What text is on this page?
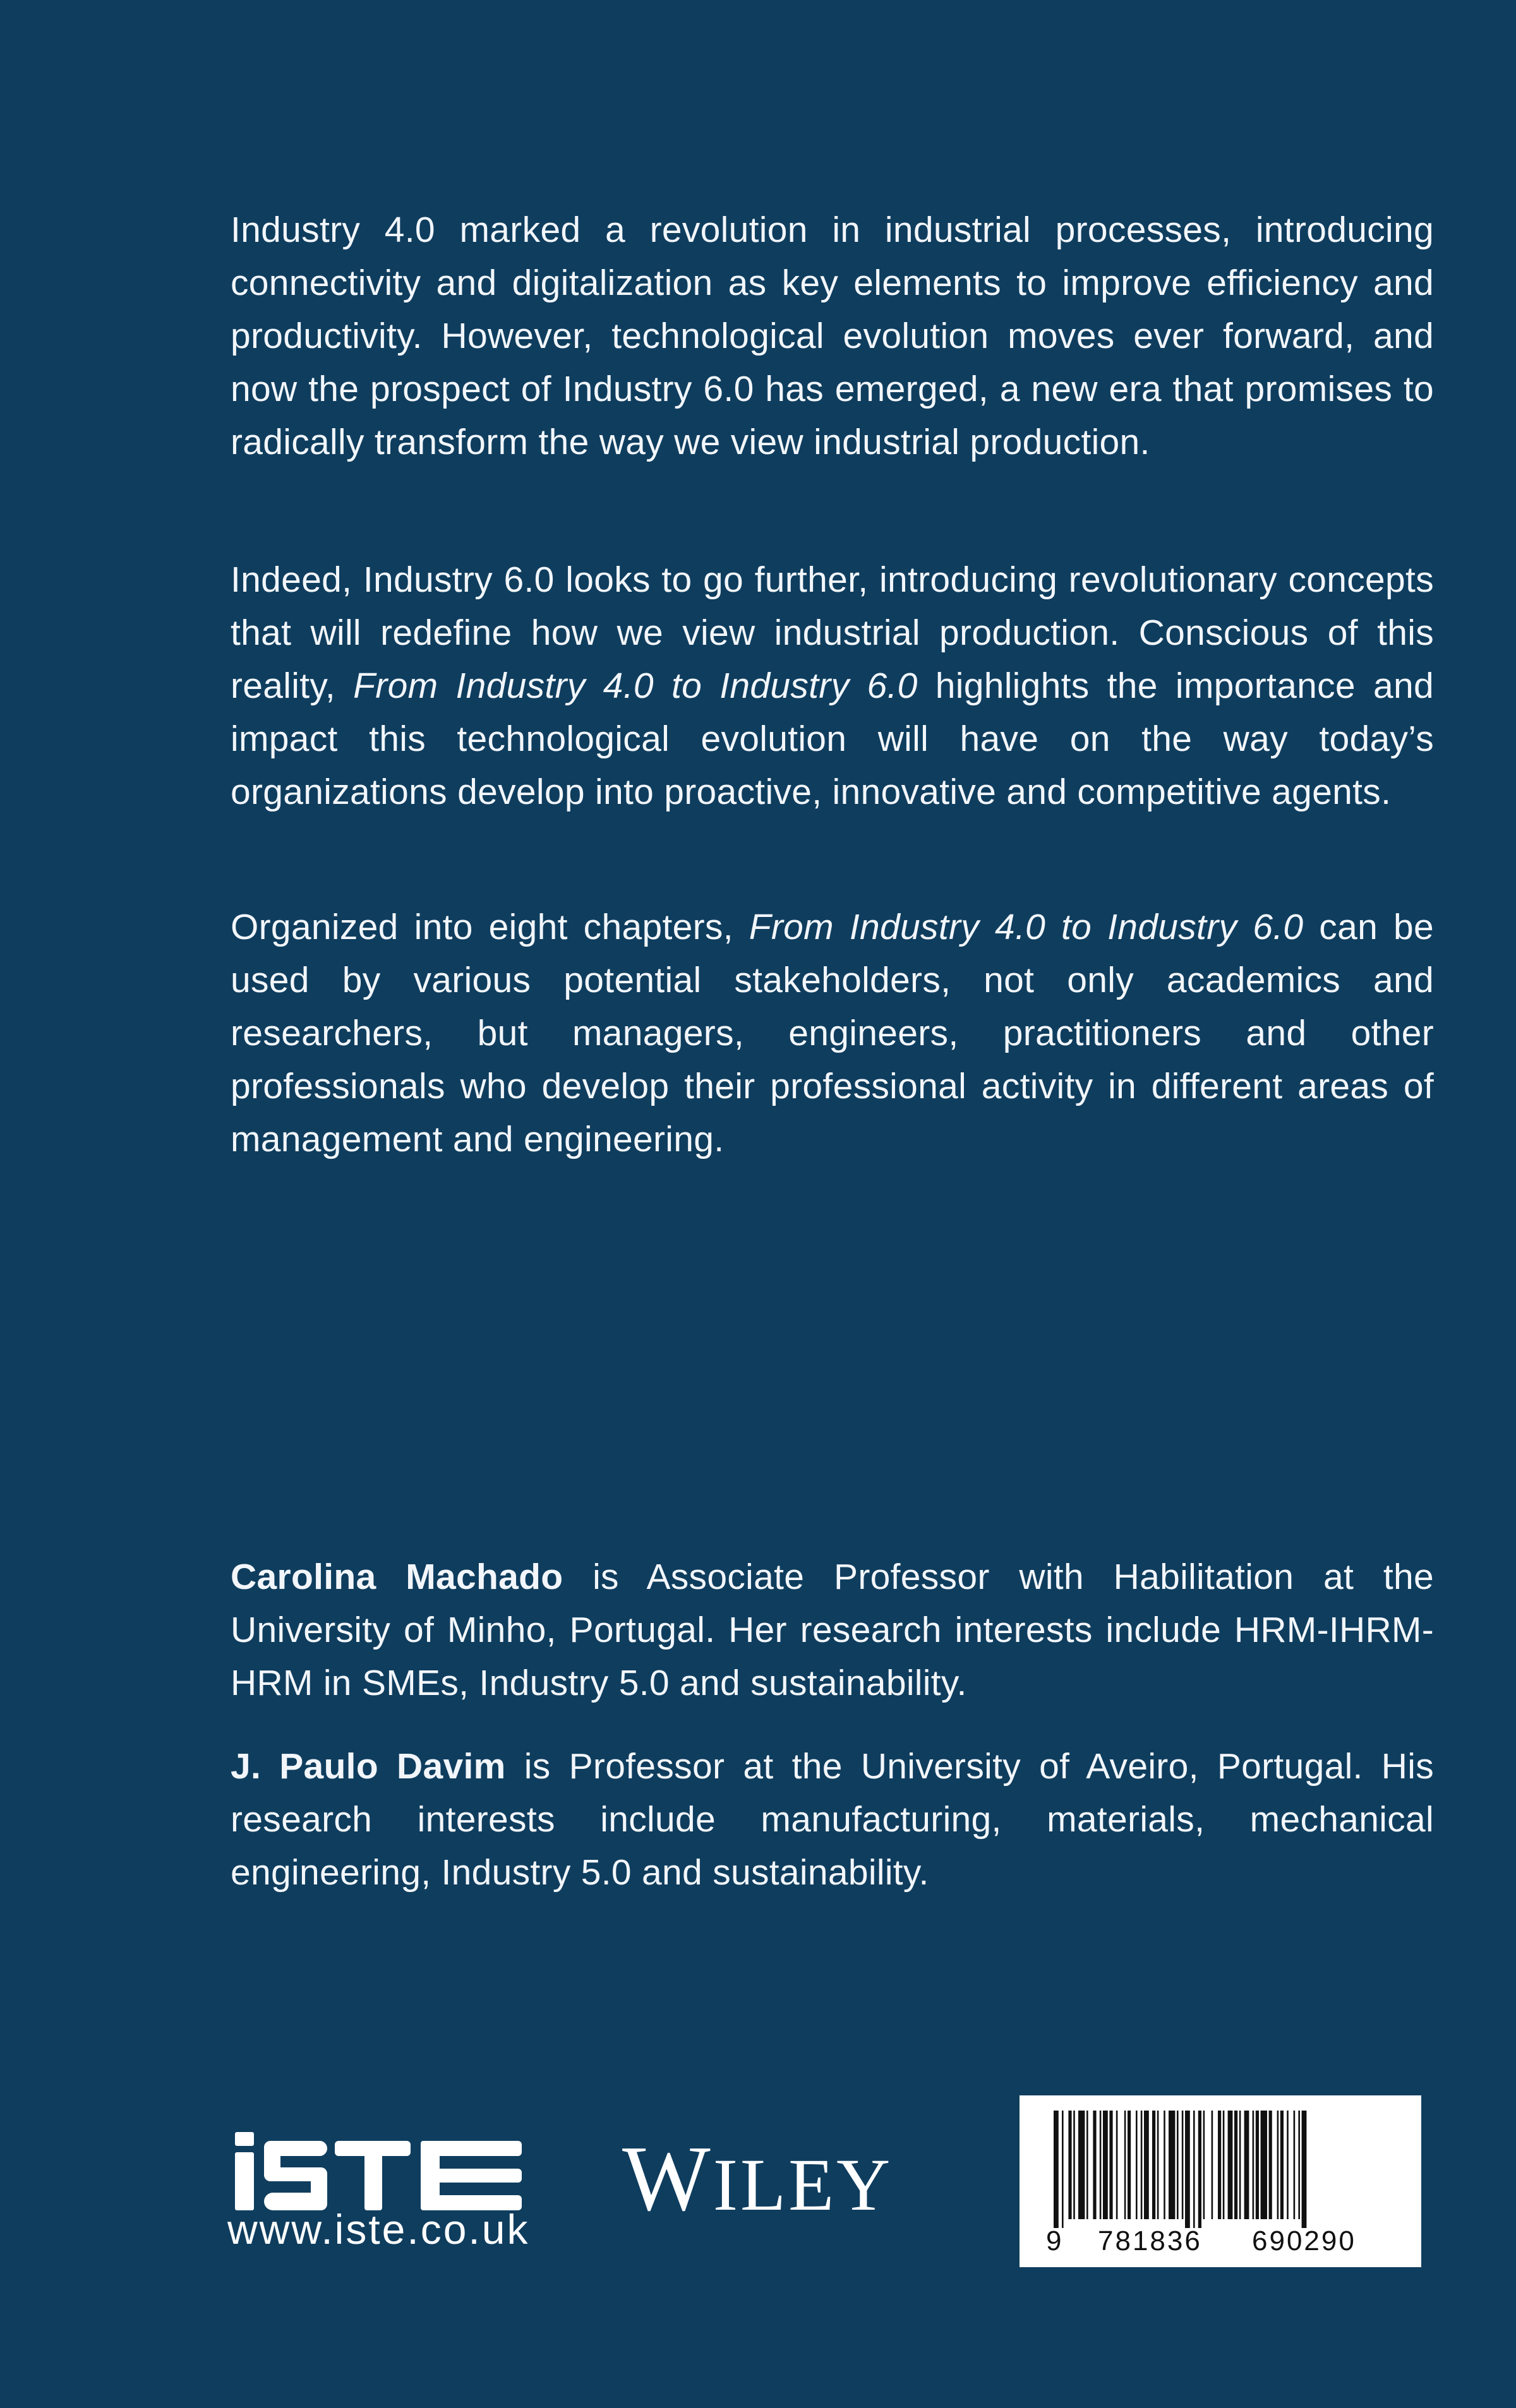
Industry 4.0 marked a revolution in industrial processes, introducing connectivity and digitalization as key elements to improve efficiency and productivity. However, technological evolution moves ever forward, and now the prospect of Industry 6.0 has emerged, a new era that promises to radically transform the way we view industrial production.

Indeed, Industry 6.0 looks to go further, introducing revolutionary concepts that will redefine how we view industrial production. Conscious of this reality, From Industry 4.0 to Industry 6.0 highlights the importance and impact this technological evolution will have on the way today’s organizations develop into proactive, innovative and competitive agents.

Organized into eight chapters, From Industry 4.0 to Industry 6.0 can be used by various potential stakeholders, not only academics and researchers, but managers, engineers, practitioners and other professionals who develop their professional activity in different areas of management and engineering.

Carolina Machado is Associate Professor with Habilitation at the University of Minho, Portugal. Her research interests include HRM-IHRM-HRM in SMEs, Industry 5.0 and sustainability.

J. Paulo Davim is Professor at the University of Aveiro, Portugal. His research interests include manufacturing, materials, mechanical engineering, Industry 5.0 and sustainability.

www.iste.co.uk WILEY
9 781836 690290
